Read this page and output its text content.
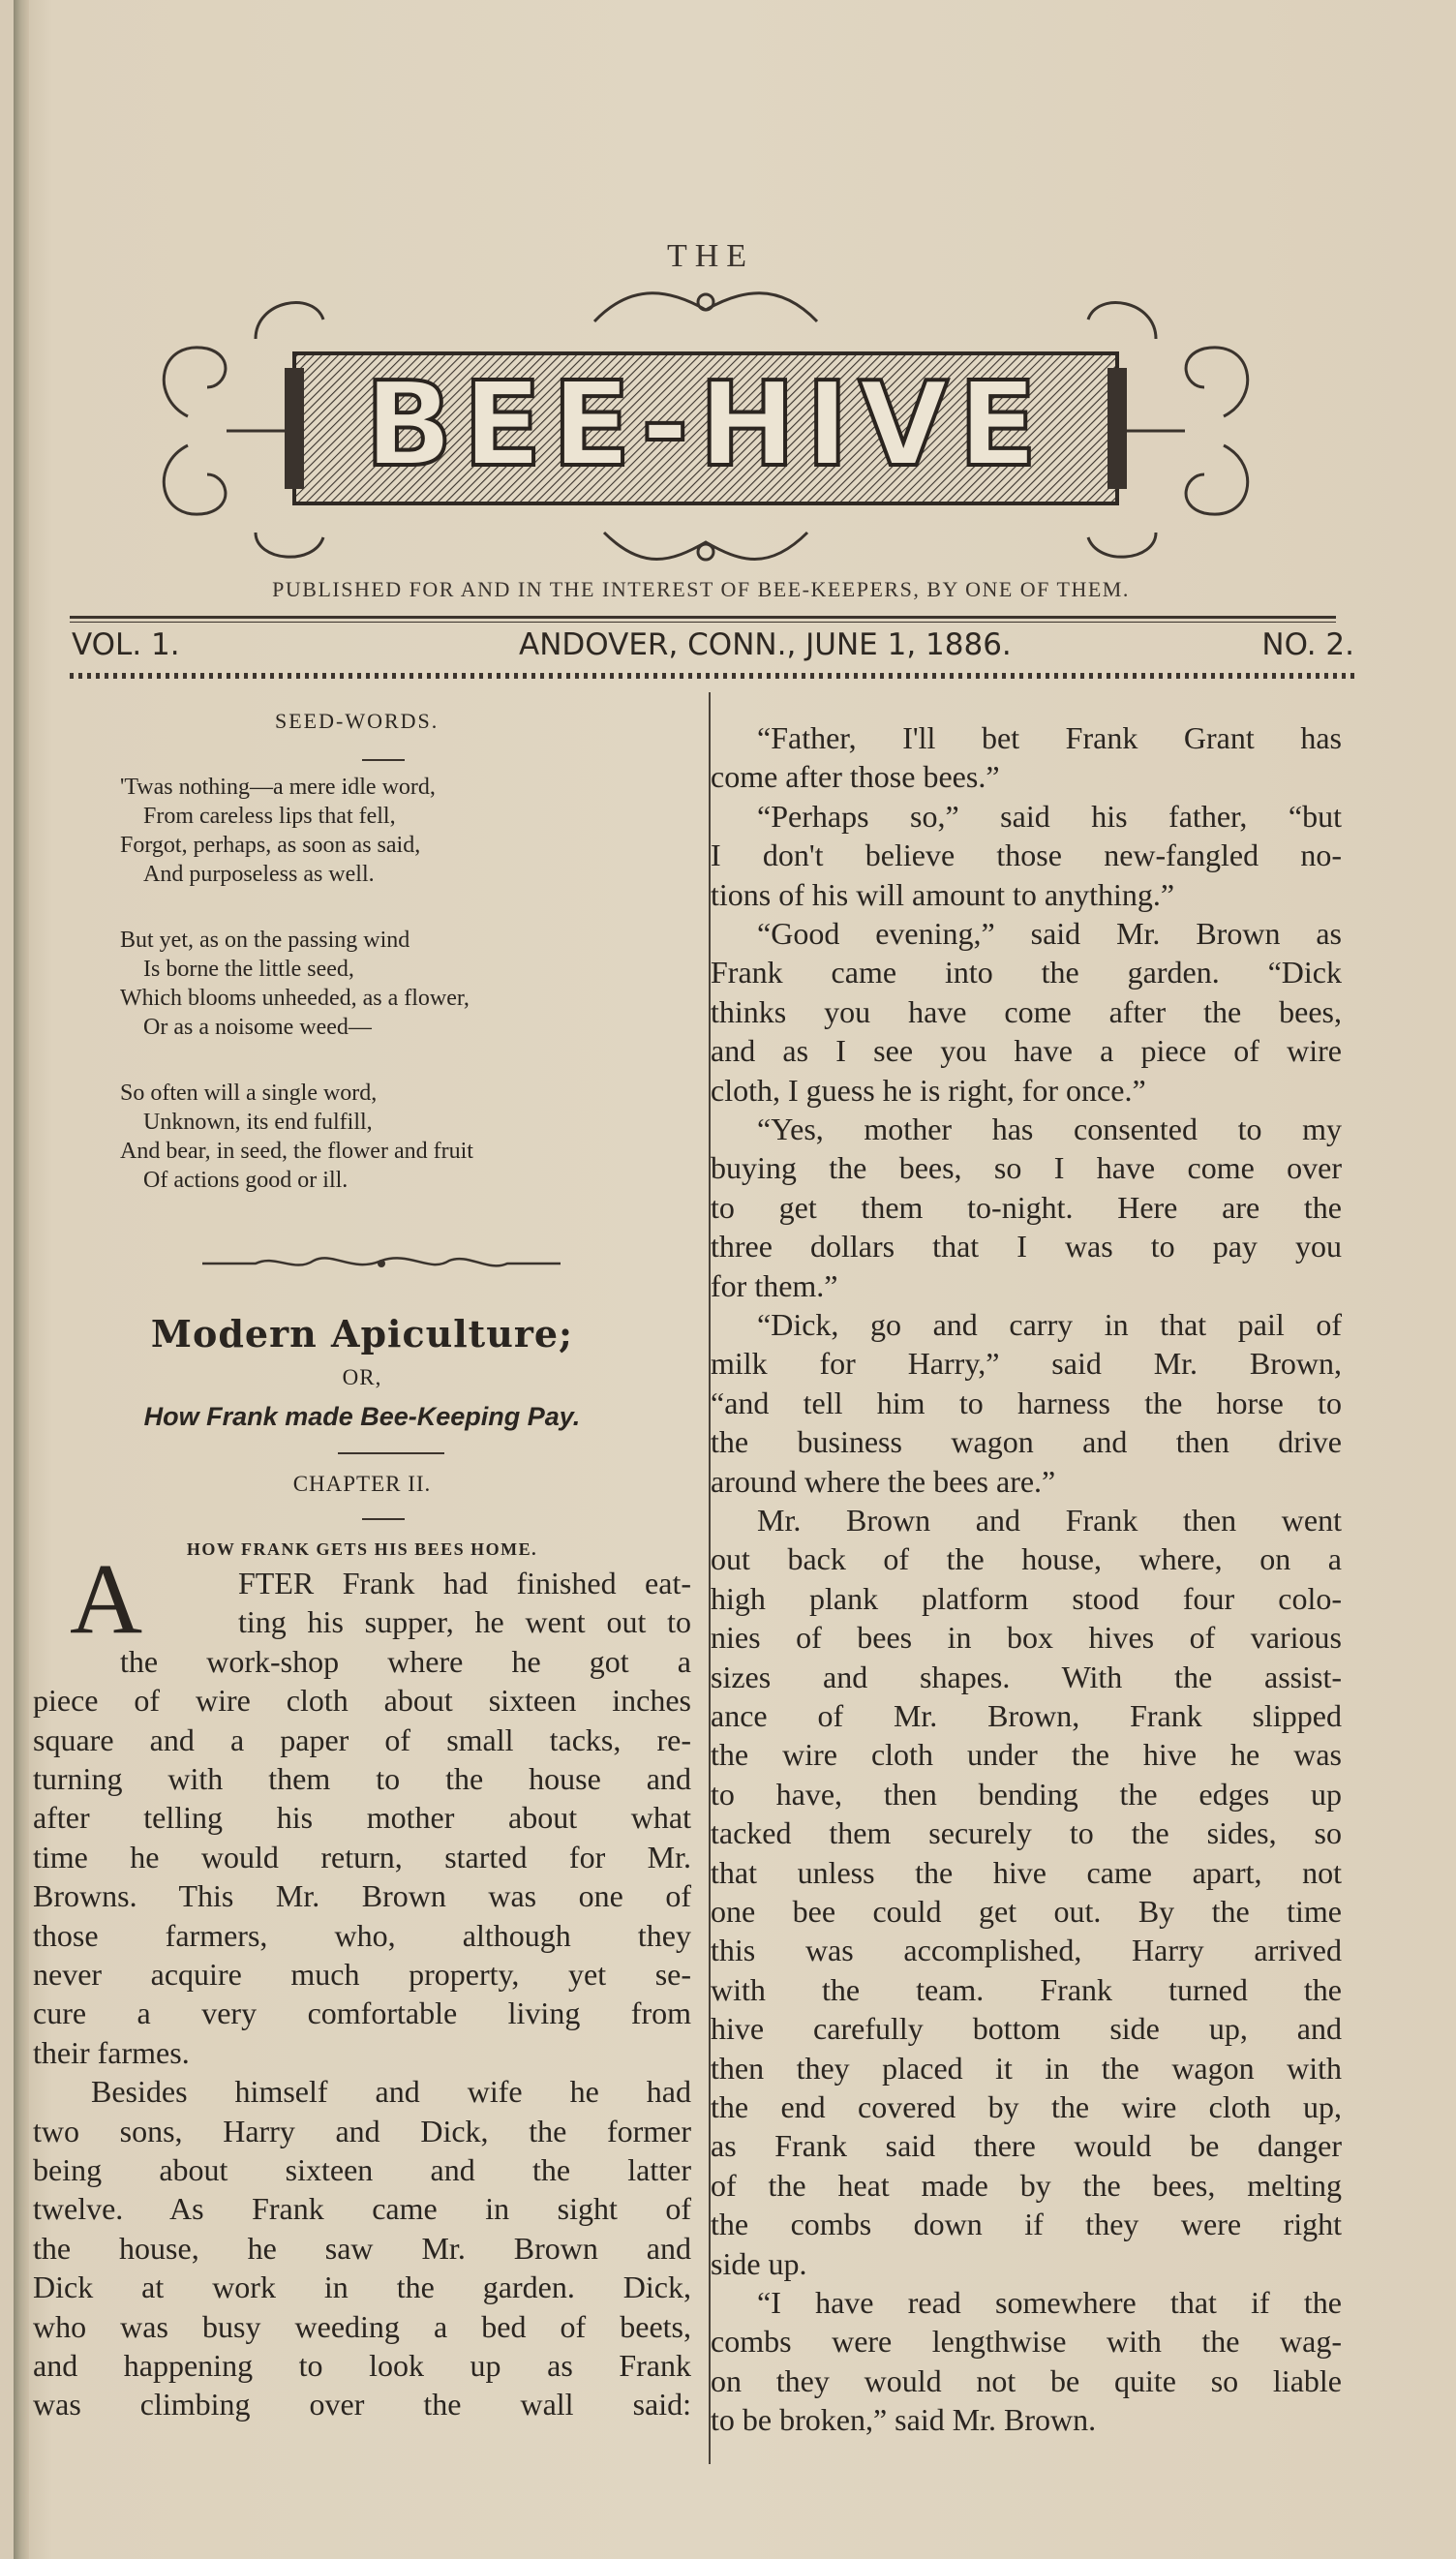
THE
BEE-HIVE
PUBLISHED FOR AND IN THE INTEREST OF BEE-KEEPERS, BY ONE OF THEM.
VOL. 1.	ANDOVER, CONN., JUNE 1, 1886.	NO. 2.
SEED-WORDS.
'Twas nothing—a mere idle word,
From careless lips that fell,
Forgot, perhaps, as soon as said,
And purposeless as well.
But yet, as on the passing wind
Is borne the little seed,
Which blooms unheeded, as a flower,
Or as a noisome weed—
So often will a single word,
Unknown, its end fulfill,
And bear, in seed, the flower and fruit
Of actions good or ill.
Modern Apiculture;
OR,
How Frank made Bee-Keeping Pay.
CHAPTER II.
HOW FRANK GETS HIS BEES HOME.
A	FTER Frank had finished eat-
ting his supper, he went out to
the work-shop where he got a
piece of wire cloth about sixteen inches
square and a paper of small tacks, re-
turning with them to the house and
after telling his mother about what
time he would return, started for Mr.
Browns. This Mr. Brown was one of
those farmers, who, although they
never acquire much property, yet se-
cure a very comfortable living from
their farmes.
Besides himself and wife he had
two sons, Harry and Dick, the former
being about sixteen and the latter
twelve. As Frank came in sight of
the house, he saw Mr. Brown and
Dick at work in the garden. Dick,
who was busy weeding a bed of beets,
and happening to look up as Frank
was climbing over the wall said:
“Father, I'll bet Frank Grant has
come after those bees.”
“Perhaps so,” said his father, “but
I don't believe those new-fangled no-
tions of his will amount to anything.”
“Good evening,” said Mr. Brown as
Frank came into the garden. “Dick
thinks you have come after the bees,
and as I see you have a piece of wire
cloth, I guess he is right, for once.”
“Yes, mother has consented to my
buying the bees, so I have come over
to get them to-night. Here are the
three dollars that I was to pay you
for them.”
“Dick, go and carry in that pail of
milk for Harry,” said Mr. Brown,
“and tell him to harness the horse to
the business wagon and then drive
around where the bees are.”
Mr. Brown and Frank then went
out back of the house, where, on a
high plank platform stood four colo-
nies of bees in box hives of various
sizes and shapes. With the assist-
ance of Mr. Brown, Frank slipped
the wire cloth under the hive he was
to have, then bending the edges up
tacked them securely to the sides, so
that unless the hive came apart, not
one bee could get out. By the time
this was accomplished, Harry arrived
with the team. Frank turned the
hive carefully bottom side up, and
then they placed it in the wagon with
the end covered by the wire cloth up,
as Frank said there would be danger
of the heat made by the bees, melting
the combs down if they were right
side up.
“I have read somewhere that if the
combs were lengthwise with the wag-
on they would not be quite so liable
to be broken,” said Mr. Brown.
